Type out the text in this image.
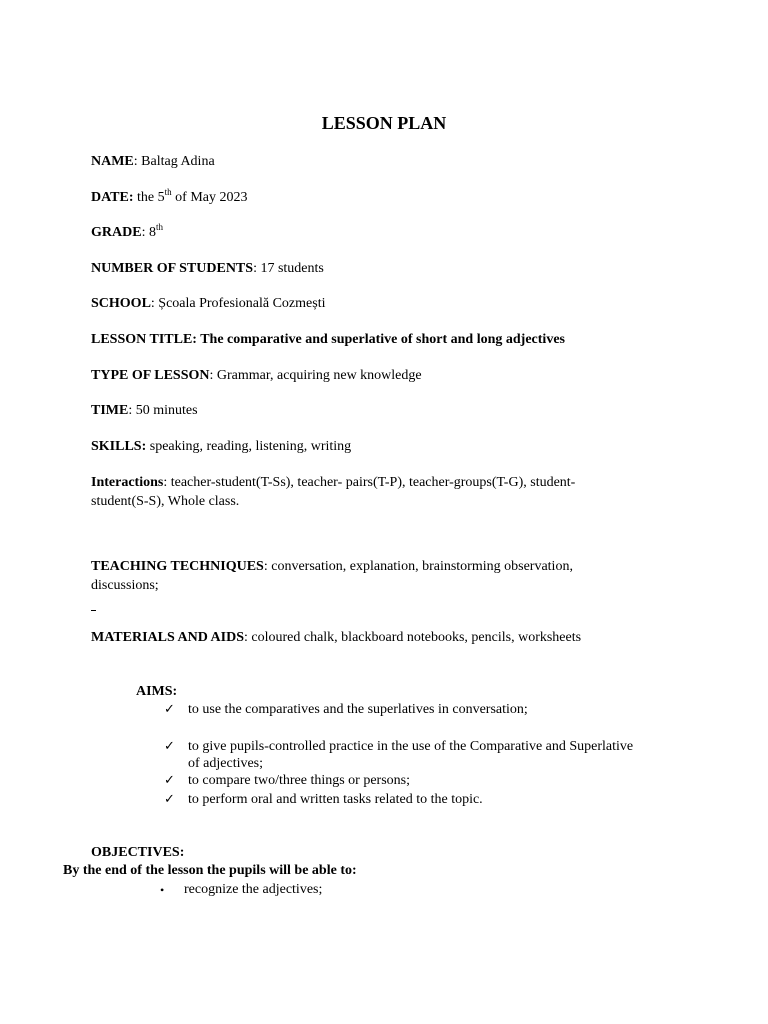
LESSON PLAN
NAME: Baltag Adina
DATE: the 5th of May 2023
GRADE: 8th
NUMBER OF STUDENTS: 17 students
SCHOOL: Școala Profesională Cozmești
LESSON TITLE: The comparative and superlative of short and long adjectives
TYPE OF LESSON: Grammar, acquiring new knowledge
TIME: 50 minutes
SKILLS: speaking, reading, listening, writing
Interactions: teacher-student(T-Ss), teacher- pairs(T-P), teacher-groups(T-G), student-
student(S-S), Whole class.
TEACHING TECHNIQUES: conversation, explanation, brainstorming observation,
discussions;
MATERIALS AND AIDS: coloured chalk, blackboard notebooks, pencils, worksheets
AIMS:
✓ to use the comparatives and the superlatives in conversation;
✓ to give pupils-controlled practice in the use of the Comparative and Superlative
of adjectives;
✓ to compare two/three things or persons;
✓ to perform oral and written tasks related to the topic.
OBJECTIVES:
By the end of the lesson the pupils will be able to:
• recognize the adjectives;
